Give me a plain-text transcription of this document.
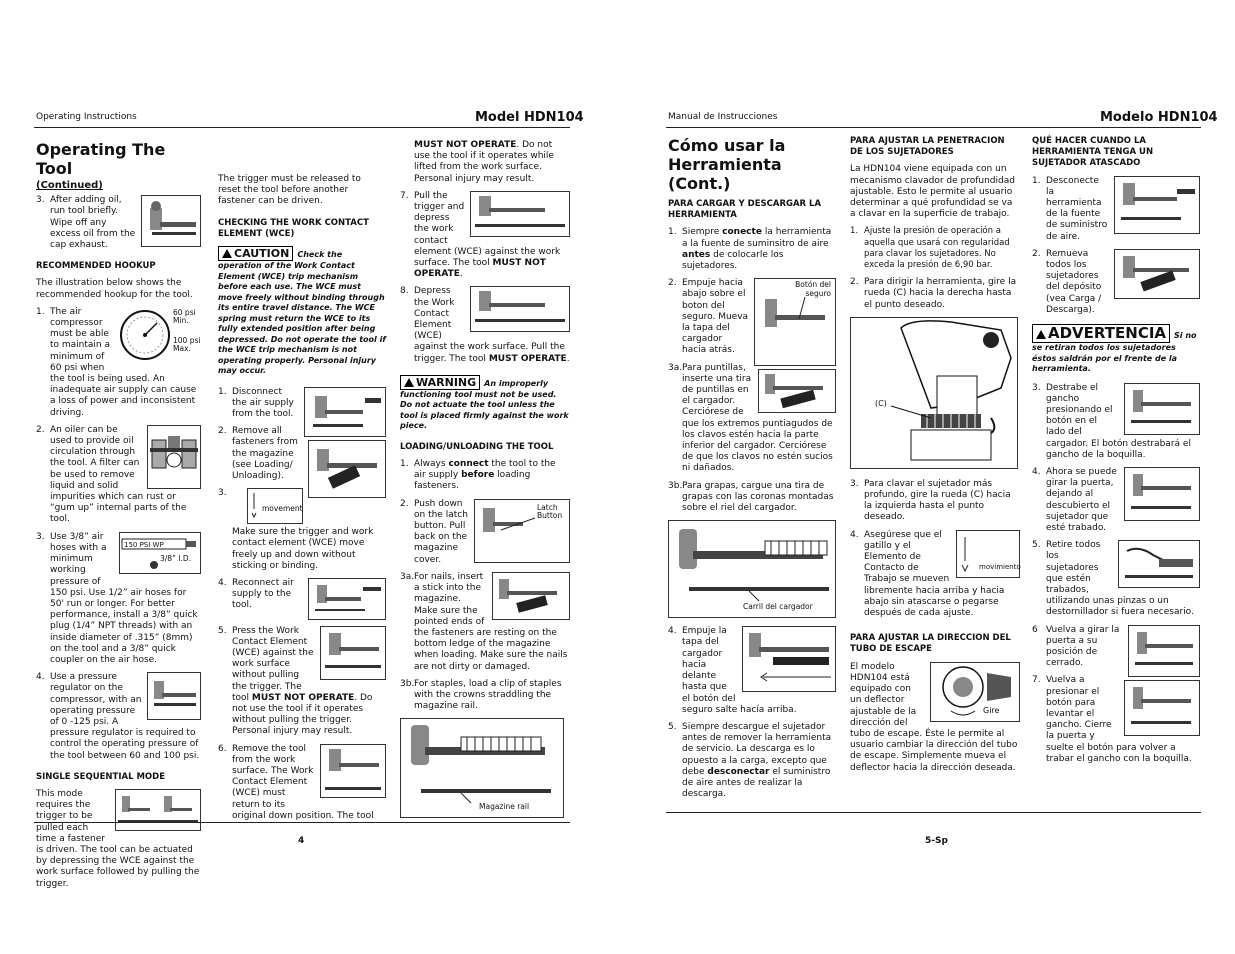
Operating Instructions	Model HDN104
Operating The Tool
(Continued)
3. After adding oil, run tool briefly. Wipe off any excess oil from the cap exhaust.
RECOMMENDED HOOKUP

The illustration below shows the recommended hookup for the tool.

1.	60 psi
Min.
100 psi
Max.
The air compressor must be able to maintain a minimum of 60 psi when the tool is being used. An inadequate air supply can cause a loss of power and inconsistent driving.
2. An oiler can be used to provide oil circulation through the tool. A filter can be used to remove liquid and solid impurities which can rust or “gum up” internal parts of the tool.
3.
150 PSI WP
3/8” I.D.
Use 3/8” air hoses with a minimum working pressure of 150 psi. Use 1/2” air hoses for 50' run or longer. For better performance, install a 3/8” quick plug (1/4” NPT threads) with an inside diameter of .315” (8mm) on the tool and a 3/8” quick coupler on the air hose.
4. Use a pressure regulator on the compressor, with an operating pressure of 0 -125 psi. A pressure regulator is required to control the operating pressure of the tool between 60 and 100 psi.
SINGLE SEQUENTIAL MODE
This mode requires the trigger to be pulled each time a fastener is driven. The tool can be actuated by depressing the WCE against the work surface followed by pulling the trigger.

The trigger must be released to reset the tool before another fastener can be driven.

CHECKING THE WORK CONTACT ELEMENT (WCE)
CAUTION Check the operation of the Work Contact Element (WCE) trip mechanism before each use. The WCE must move freely without binding through its entire travel distance. The WCE spring must return the WCE to its fully extended position after being depressed. Do not operate the tool if the WCE trip mechanism is not operating properly. Personal injury may occur.
1. Disconnect the air supply from the tool.
2. Remove all fasteners from the magazine (see Loading/ Unloading).
3.
movement
Make sure the trigger and work contact element (WCE) move freely up and down without sticking or binding.
4. Reconnect air supply to the tool.
5. Press the Work Contact Element (WCE) against the work surface without pulling the trigger. The tool MUST NOT OPERATE. Do not use the tool if it operates without pulling the trigger. Personal injury may result.
6. Remove the tool from the work surface. The Work Contact Element (WCE) must return to its original down position. The tool

MUST NOT OPERATE. Do not use the tool if it operates while lifted from the work surface. Personal injury may result.

7. Pull the trigger and depress the work contact element (WCE) against the work surface. The tool MUST NOT OPERATE.
8. Depress the Work Contact Element (WCE) against the work surface. Pull the trigger. The tool MUST OPERATE.
WARNING An improperly functioning tool must not be used. Do not actuate the tool unless the tool is placed firmly against the work piece.
LOADING/UNLOADING THE TOOL
1. Always connect the tool to the air supply before loading fasteners.
2.	Latch Button
Push down on the latch button. Pull back on the magazine cover.
3a. For nails, insert a stick into the magazine. Make sure the pointed ends of the fasteners are resting on the bottom ledge of the magazine when loading. Make sure the nails are not dirty or damaged.
3b. For staples, load a clip of staples with the crowns straddling the magazine rail.
Magazine rail
4
Manual de Instrucciones	Modelo HDN104
Cómo usar la Herramienta (Cont.)
PARA CARGAR Y DESCARGAR LA HERRAMIENTA
1. Siempre conecte la herramienta a la fuente de suminsitro de aire antes de colocarle los sujetadores.
2.	Botón del seguro
Empuje hacia abajo sobre el boton del seguro. Mueva la tapa del cargador hacia atrás.
3a. Para puntillas, inserte una tira de puntillas en el cargador. Cerciórese de que los extremos puntiagudos de los clavos estén hacia la parte inferior del cargador. Cerciórese de que los clavos no estén sucios ni dañados.
3b. Para grapas, cargue una tira de grapas con las coronas montadas sobre el riel del cargador.
Carril del cargador
4. Empuje la tapa del cargador hacia delante hasta que el botón del seguro salte hacía arriba.
5. Siempre descargue el sujetador antes de remover la herramienta de servicio. La descarga es lo opuesto a la carga, excepto que debe desconectar el suministro de aire antes de realizar la descarga.
PARA AJUSTAR LA PENETRACION DE LOS SUJETADORES

La HDN104 viene equipada con un mecanismo clavador de profundidad ajustable. Esto le permite al usuario determinar a qué profundidad se va a clavar en la superficie de trabajo.

1. Ajuste la presión de operación a aquella que usará con regularidad para clavar los sujetadores. No exceda la presión de 6,90 bar.
2. Para dirigir la herramienta, gire la rueda (C) hacia la derecha hasta el punto deseado.
(C)
3. Para clavar el sujetador más profundo, gire la rueda (C) hacia la izquierda hasta el punto deseado.
4.
movimiento
Asegúrese que el gatillo y el Elemento de Contacto de Trabajo se mueven libremente hacia arriba y hacia abajo sin atascarse o pegarse después de cada ajuste.
PARA AJUSTAR LA DIRECCION DEL TUBO DE ESCAPE
Gire
El modelo HDN104 está equipado con un deflector ajustable de la dirección del tubo de escape. Éste le permite al usuario cambiar la dirección del tubo de escape. Simplemente mueva el deflector hacia la dirección deseada.
QUÉ HACER CUANDO LA HERRAMIENTA TENGA UN SUJETADOR ATASCADO
1. Desconecte la herramienta de la fuente de suministro de aire.
2. Remueva todos los sujetadores del depósito (vea Carga / Descarga).
ADVERTENCIA Si no se retiran todos los sujetadores éstos saldrán por el frente de la herramienta.
3. Destrabe el gancho presionando el botón en el lado del cargador. El botón destrabará el gancho de la boquilla.
4. Ahora se puede girar la puerta, dejando al descubierto el sujetador que esté trabado.
5. Retire todos los sujetadores que estén trabados, utilizando unas pinzas o un destornillador si fuera necesario.
6 Vuelva a girar la puerta a su posición de cerrado.
7. Vuelva a presionar el botón para levantar el gancho. Cierre la puerta y suelte el botón para volver a trabar el gancho con la boquilla.
5-Sp
